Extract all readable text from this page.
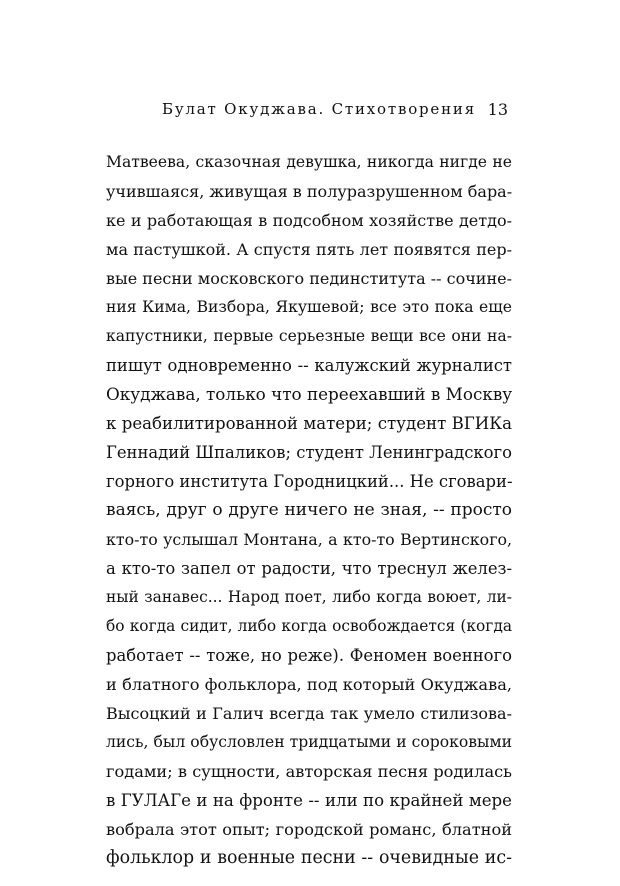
Булат Окуджава. Стихотворения 13
Матвеева, сказочная девушка, никогда нигде не
учившаяся, живущая в полуразрушенном бара-
ке и работающая в подсобном хозяйстве детдо-
ма пастушкой. А спустя пять лет появятся пер-
вые песни московского пединститута -- сочине-
ния Кима, Визбора, Якушевой; все это пока еще
капустники, первые серьезные вещи все они на-
пишут одновременно -- калужский журналист
Окуджава, только что переехавший в Москву
к реабилитированной матери; студент ВГИКа
Геннадий Шпаликов; студент Ленинградского
горного института Городницкий... Не сговари-
ваясь, друг о друге ничего не зная, -- просто
кто-то услышал Монтана, а кто-то Вертинского,
а кто-то запел от радости, что треснул желез-
ный занавес... Народ поет, либо когда воюет, ли-
бо когда сидит, либо когда освобождается (когда
работает -- тоже, но реже). Феномен военного
и блатного фольклора, под который Окуджава,
Высоцкий и Галич всегда так умело стилизова-
лись, был обусловлен тридцатыми и сороковыми
годами; в сущности, авторская песня родилась
в ГУЛАГе и на фронте -- или по крайней мере
вобрала этот опыт; городской романс, блатной
фольклор и военные песни -- очевидные ис-
